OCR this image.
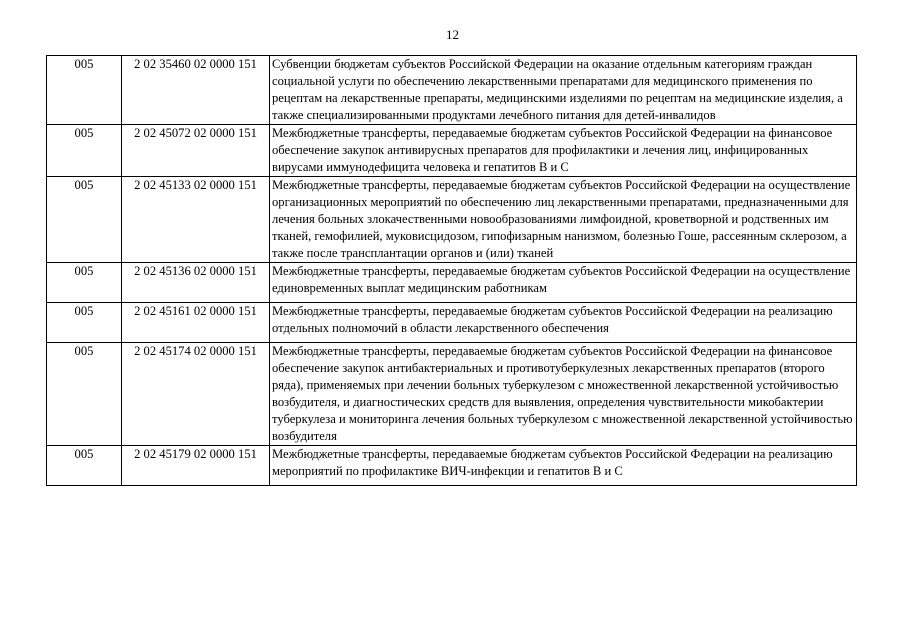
12
005	2 02 35460 02 0000 151	Субвенции бюджетам субъектов Российской Федерации на оказание отдельным категориям граждан социальной услуги по обеспечению лекарственными препаратами для медицинского применения по рецептам на лекарственные препараты, медицинскими изделиями по рецептам на медицинские изделия, а также специализированными продуктами лечебного питания для детей-инвалидов
005	2 02 45072 02 0000 151	Межбюджетные трансферты, передаваемые бюджетам субъектов Российской Федерации на финансовое обеспечение закупок антивирусных препаратов для профилактики и лечения лиц, инфицированных вирусами иммунодефицита человека и гепатитов В и С
005	2 02 45133 02 0000 151	Межбюджетные трансферты, передаваемые бюджетам субъектов Российской Федерации на осуществление организационных мероприятий по обеспечению лиц лекарственными препаратами, предназначенными для лечения больных злокачественными новообразованиями лимфоидной, кроветворной и родственных им тканей, гемофилией, муковисцидозом, гипофизарным нанизмом, болезнью Гоше, рассеянным склерозом, а также после трансплантации органов и (или) тканей
005	2 02 45136 02 0000 151	Межбюджетные трансферты, передаваемые бюджетам субъектов Российской Федерации на осуществление единовременных выплат медицинским работникам
005	2 02 45161 02 0000 151	Межбюджетные трансферты, передаваемые бюджетам субъектов Российской Федерации на реализацию отдельных полномочий в области лекарственного обеспечения
005	2 02 45174 02 0000 151	Межбюджетные трансферты, передаваемые бюджетам субъектов Российской Федерации на финансовое обеспечение закупок антибактериальных и противотуберкулезных лекарственных препаратов (второго ряда), применяемых при лечении больных туберкулезом с множественной лекарственной устойчивостью возбудителя, и диагностических средств для выявления, определения чувствительности микобактерии туберкулеза и мониторинга лечения больных туберкулезом с множественной лекарственной устойчивостью возбудителя
005	2 02 45179 02 0000 151	Межбюджетные трансферты, передаваемые бюджетам субъектов Российской Федерации на реализацию мероприятий по профилактике ВИЧ-инфекции и гепатитов В и С
